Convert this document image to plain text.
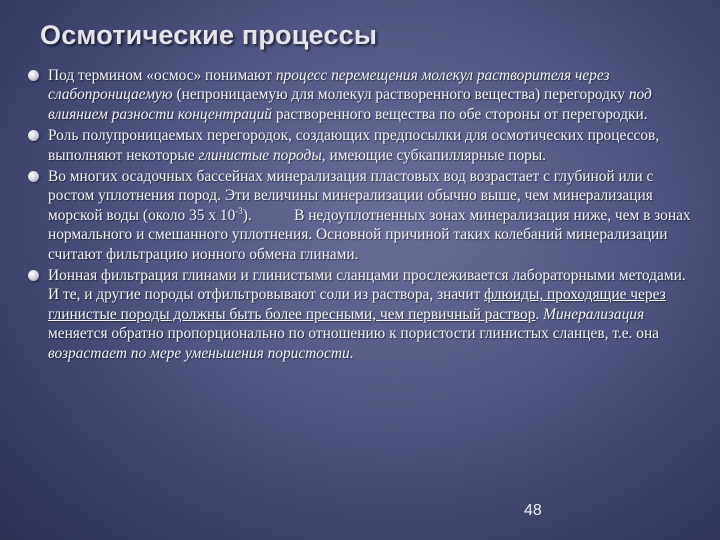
Осмотические процессы
Под термином «осмос» понимают процесс перемещения молекул растворителя через слабопроницаемую (непроницаемую для молекул растворенного вещества) перегородку под влиянием разности концентраций растворенного вещества по обе стороны от перегородки.
Роль полупроницаемых перегородок, создающих предпосылки для осмотических процессов, выполняют некоторые глинистые породы, имеющие субкапиллярные поры.
Во многих осадочных бассейнах минерализация пластовых вод возрастает с глубиной или с ростом уплотнения пород. Эти величины минерализации обычно выше, чем минерализация морской воды (около 35 х $10^{-3}$).           В недоуплотненных зонах минерализация ниже, чем в зонах нормального и смешанного уплотнения. Основной причиной таких колебаний минерализации считают фильтрацию ионного обмена глинами.
Ионная фильтрация глинами и глинистыми сланцами прослеживается лабораторными методами. И те, и другие породы отфильтровывают соли из раствора, значит флюиды, проходящие через глинистые породы должны быть более пресными, чем первичный раствор. Минерализация меняется обратно пропорционально по отношению к пористости глинистых сланцев, т.е. она возрастает по мере уменьшения пористости.
48
